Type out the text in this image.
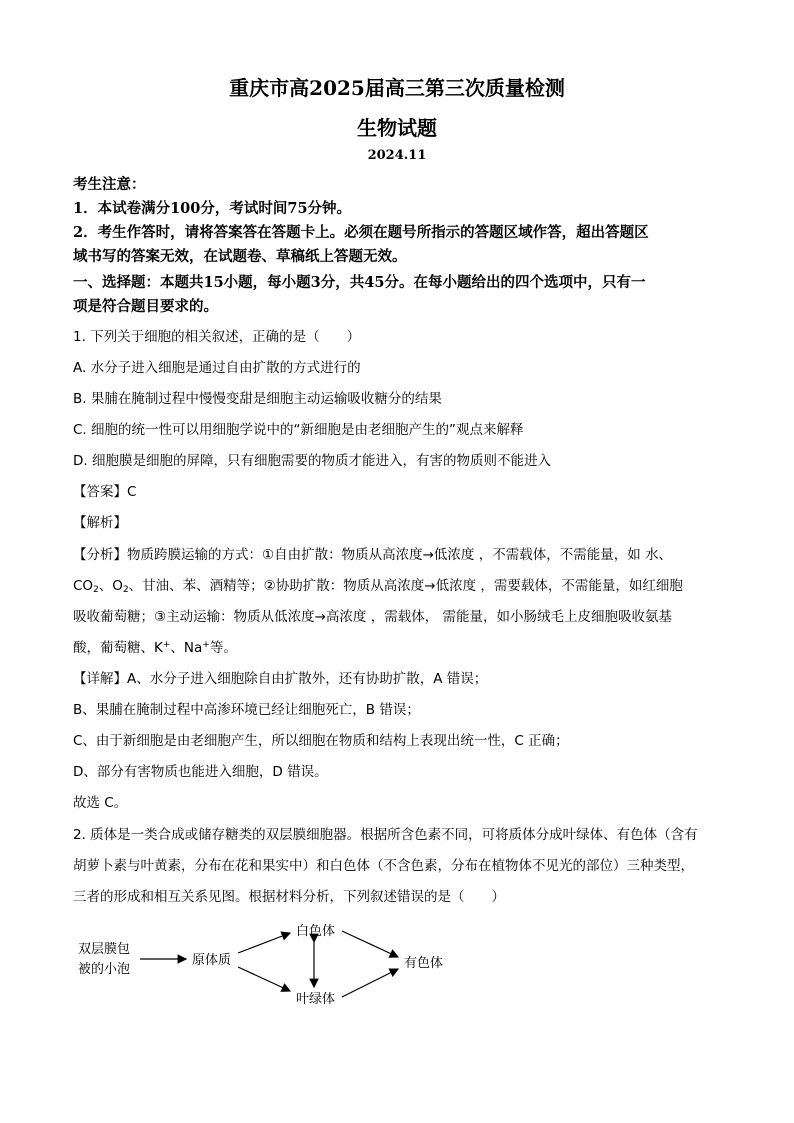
重庆市高2025届高三第三次质量检测
生物试题
2024.11
考生注意：
1．本试卷满分100分，考试时间75分钟。
2．考生作答时，请将答案答在答题卡上。必须在题号所指示的答题区域作答，超出答题区
域书写的答案无效，在试题卷、草稿纸上答题无效。
一、选择题：本题共15小题，每小题3分，共45分。在每小题给出的四个选项中，只有一
项是符合题目要求的。
1. 下列关于细胞的相关叙述，正确的是（　　）
A. 水分子进入细胞是通过自由扩散的方式进行的
B. 果脯在腌制过程中慢慢变甜是细胞主动运输吸收糖分的结果
C. 细胞的统一性可以用细胞学说中的“新细胞是由老细胞产生的”观点来解释
D. 细胞膜是细胞的屏障，只有细胞需要的物质才能进入，有害的物质则不能进入
【答案】C
【解析】
【分析】物质跨膜运输的方式：①自由扩散：物质从高浓度→低浓度 ，不需载体，不需能量，如 水、
$CO_2$、$O_2$、甘油、苯、酒精等；②协助扩散：物质从高浓度→低浓度 ，需要载体，不需能量，如红细胞
吸收葡萄糖；③主动运输：物质从低浓度→高浓度 ，需载体， 需能量，如小肠绒毛上皮细胞吸收氨基
酸，葡萄糖、K+、Na+等。
【详解】A、水分子进入细胞除自由扩散外，还有协助扩散，A 错误；
B、果脯在腌制过程中高渗环境已经让细胞死亡，B 错误；
C、由于新细胞是由老细胞产生，所以细胞在物质和结构上表现出统一性，C 正确；
D、部分有害物质也能进入细胞，D 错误。
故选 C。
2. 质体是一类合成或储存糖类的双层膜细胞器。根据所含色素不同，可将质体分成叶绿体、有色体（含有
胡萝卜素与叶黄素，分布在花和果实中）和白色体（不含色素，分布在植物体不见光的部位）三种类型，
三者的形成和相互关系见图。根据材料分析，下列叙述错误的是（　　）
双层膜包
被的小泡
原体质
白色体
叶绿体
有色体
